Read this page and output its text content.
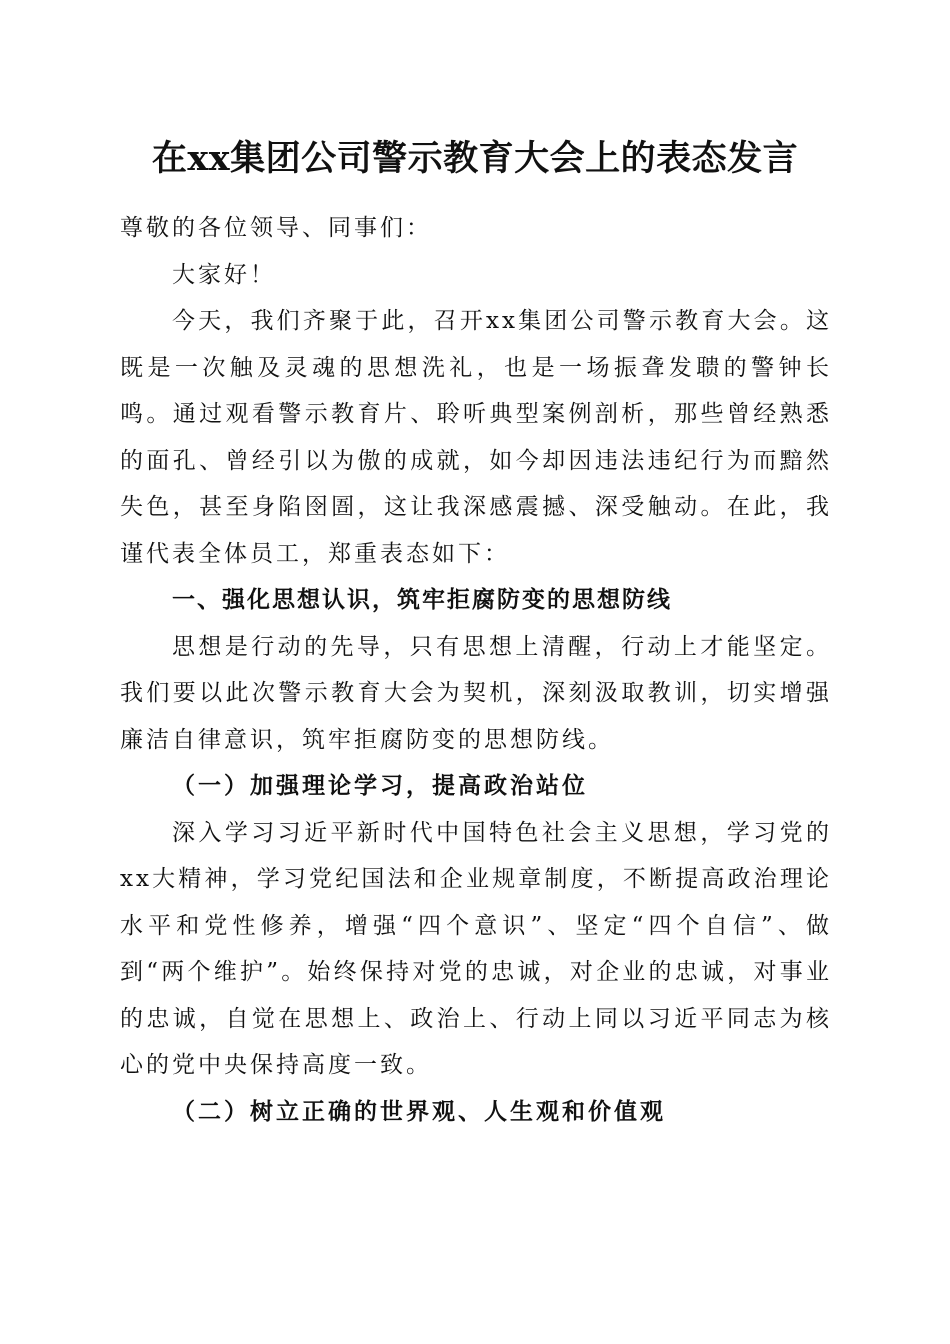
在xx集团公司警示教育大会上的表态发言

尊敬的各位领导、同事们：

大家好！

今天，我们齐聚于此，召开xx集团公司警示教育大会。这既是一次触及灵魂的思想洗礼，也是一场振聋发聩的警钟长鸣。通过观看警示教育片、聆听典型案例剖析，那些曾经熟悉的面孔、曾经引以为傲的成就，如今却因违法违纪行为而黯然失色，甚至身陷囹圄，这让我深感震撼、深受触动。在此，我谨代表全体员工，郑重表态如下：

一、强化思想认识，筑牢拒腐防变的思想防线

思想是行动的先导，只有思想上清醒，行动上才能坚定。我们要以此次警示教育大会为契机，深刻汲取教训，切实增强廉洁自律意识，筑牢拒腐防变的思想防线。

（一）加强理论学习，提高政治站位

深入学习习近平新时代中国特色社会主义思想，学习党的xx大精神，学习党纪国法和企业规章制度，不断提高政治理论水平和党性修养，增强“四个意识”、坚定“四个自信”、做到“两个维护”。始终保持对党的忠诚，对企业的忠诚，对事业的忠诚，自觉在思想上、政治上、行动上同以习近平同志为核心的党中央保持高度一致。

（二）树立正确的世界观、人生观和价值观
